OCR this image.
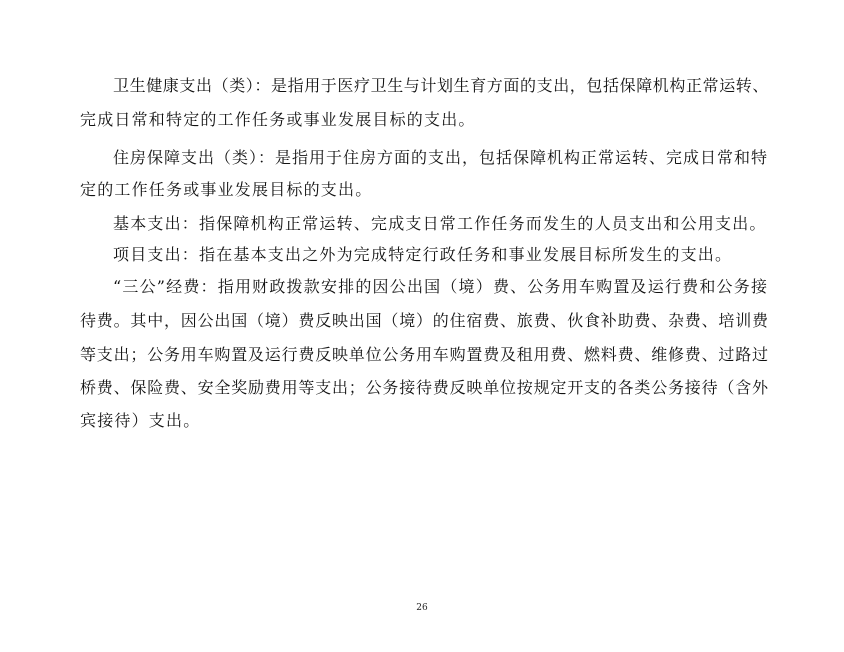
卫生健康支出（类）：是指用于医疗卫生与计划生育方面的支出，包括保障机构正常运转、
完成日常和特定的工作任务或事业发展目标的支出。
住房保障支出（类）：是指用于住房方面的支出，包括保障机构正常运转、完成日常和特
定的工作任务或事业发展目标的支出。
基本支出：指保障机构正常运转、完成支日常工作任务而发生的人员支出和公用支出。
项目支出：指在基本支出之外为完成特定行政任务和事业发展目标所发生的支出。
“三公”经费：指用财政拨款安排的因公出国（境）费、公务用车购置及运行费和公务接
待费。其中，因公出国（境）费反映出国（境）的住宿费、旅费、伙食补助费、杂费、培训费
等支出；公务用车购置及运行费反映单位公务用车购置费及租用费、燃料费、维修费、过路过
桥费、保险费、安全奖励费用等支出；公务接待费反映单位按规定开支的各类公务接待（含外
宾接待）支出。
26
